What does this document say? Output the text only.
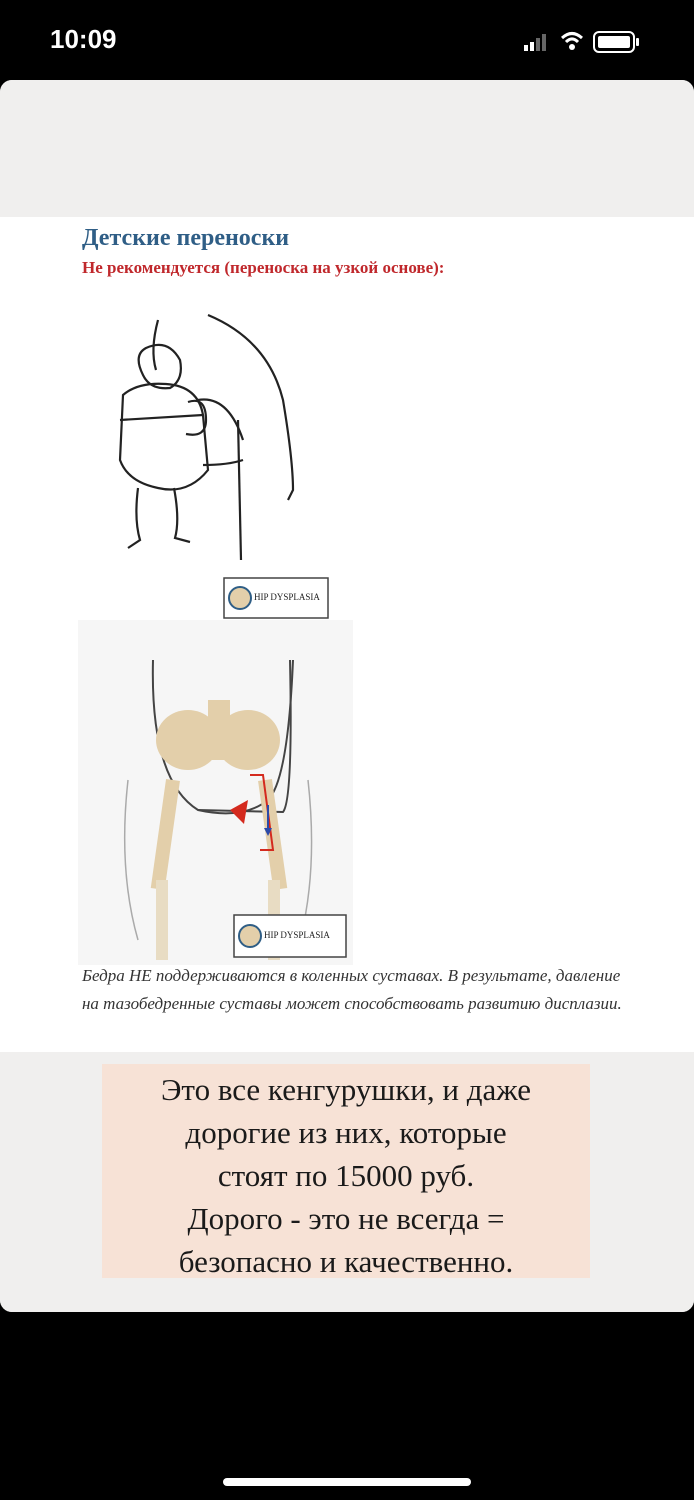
10:09
HIP DYSPLASIA
HIP DYSPLASIA
Детские переноски
Не рекомендуется (переноска на узкой основе):
Бедра НЕ поддерживаются в коленных суставах. В результате, давление на тазобедренные суставы может способствовать развитию дисплазии.
Это все кенгурушки, и даже
дорогие из них, которые
стоят по 15000 руб.
Дорого - это не всегда =
безопасно и качественно.
